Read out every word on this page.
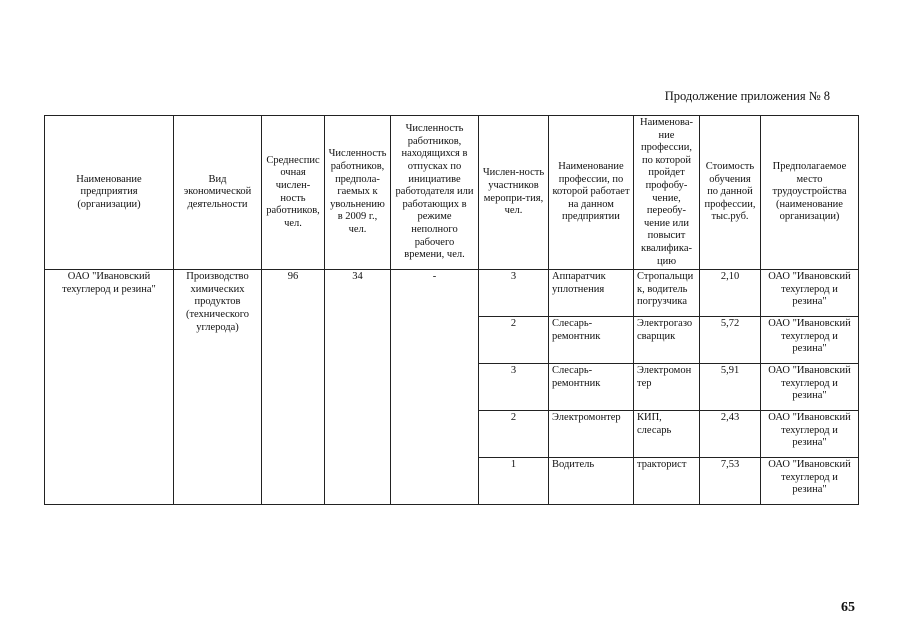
Продолжение приложения № 8
Наименование предприятия (организации)	Вид экономической деятельности	Среднеспис очная числен-ность работников, чел.	Численность работников, предпола-гаемых к увольнению в 2009 г., чел.	Численность работников, находящихся в отпусках по инициативе работодателя или работающих в режиме неполного рабочего времени, чел.	Числен-ность участников меропри-тия, чел.	Наименование профессии, по которой работает на данном предприятии	Наименова-ние профессии, по которой пройдет профобу-чение, переобу-чение или повысит квалифика-цию	Стоимость обучения по данной профессии, тыс.руб.	Предполагаемое место трудоустройства (наименование организации)
ОАО "Ивановский техуглерод и резина"	Производство химических продуктов (технического углерода)	96	34	-	3	Аппаратчик уплотнения	Стропальщи к, водитель погрузчика	2,10	ОАО "Ивановский техуглерод и резина"
					2	Слесарь-ремонтник	Электрогазо сварщик	5,72	ОАО "Ивановский техуглерод и резина"
					3	Слесарь-ремонтник	Электромон тер	5,91	ОАО "Ивановский техуглерод и резина"
					2	Электромонтер	КИП, слесарь	2,43	ОАО "Ивановский техуглерод и резина"
					1	Водитель	тракторист	7,53	ОАО "Ивановский техуглерод и резина"
65
